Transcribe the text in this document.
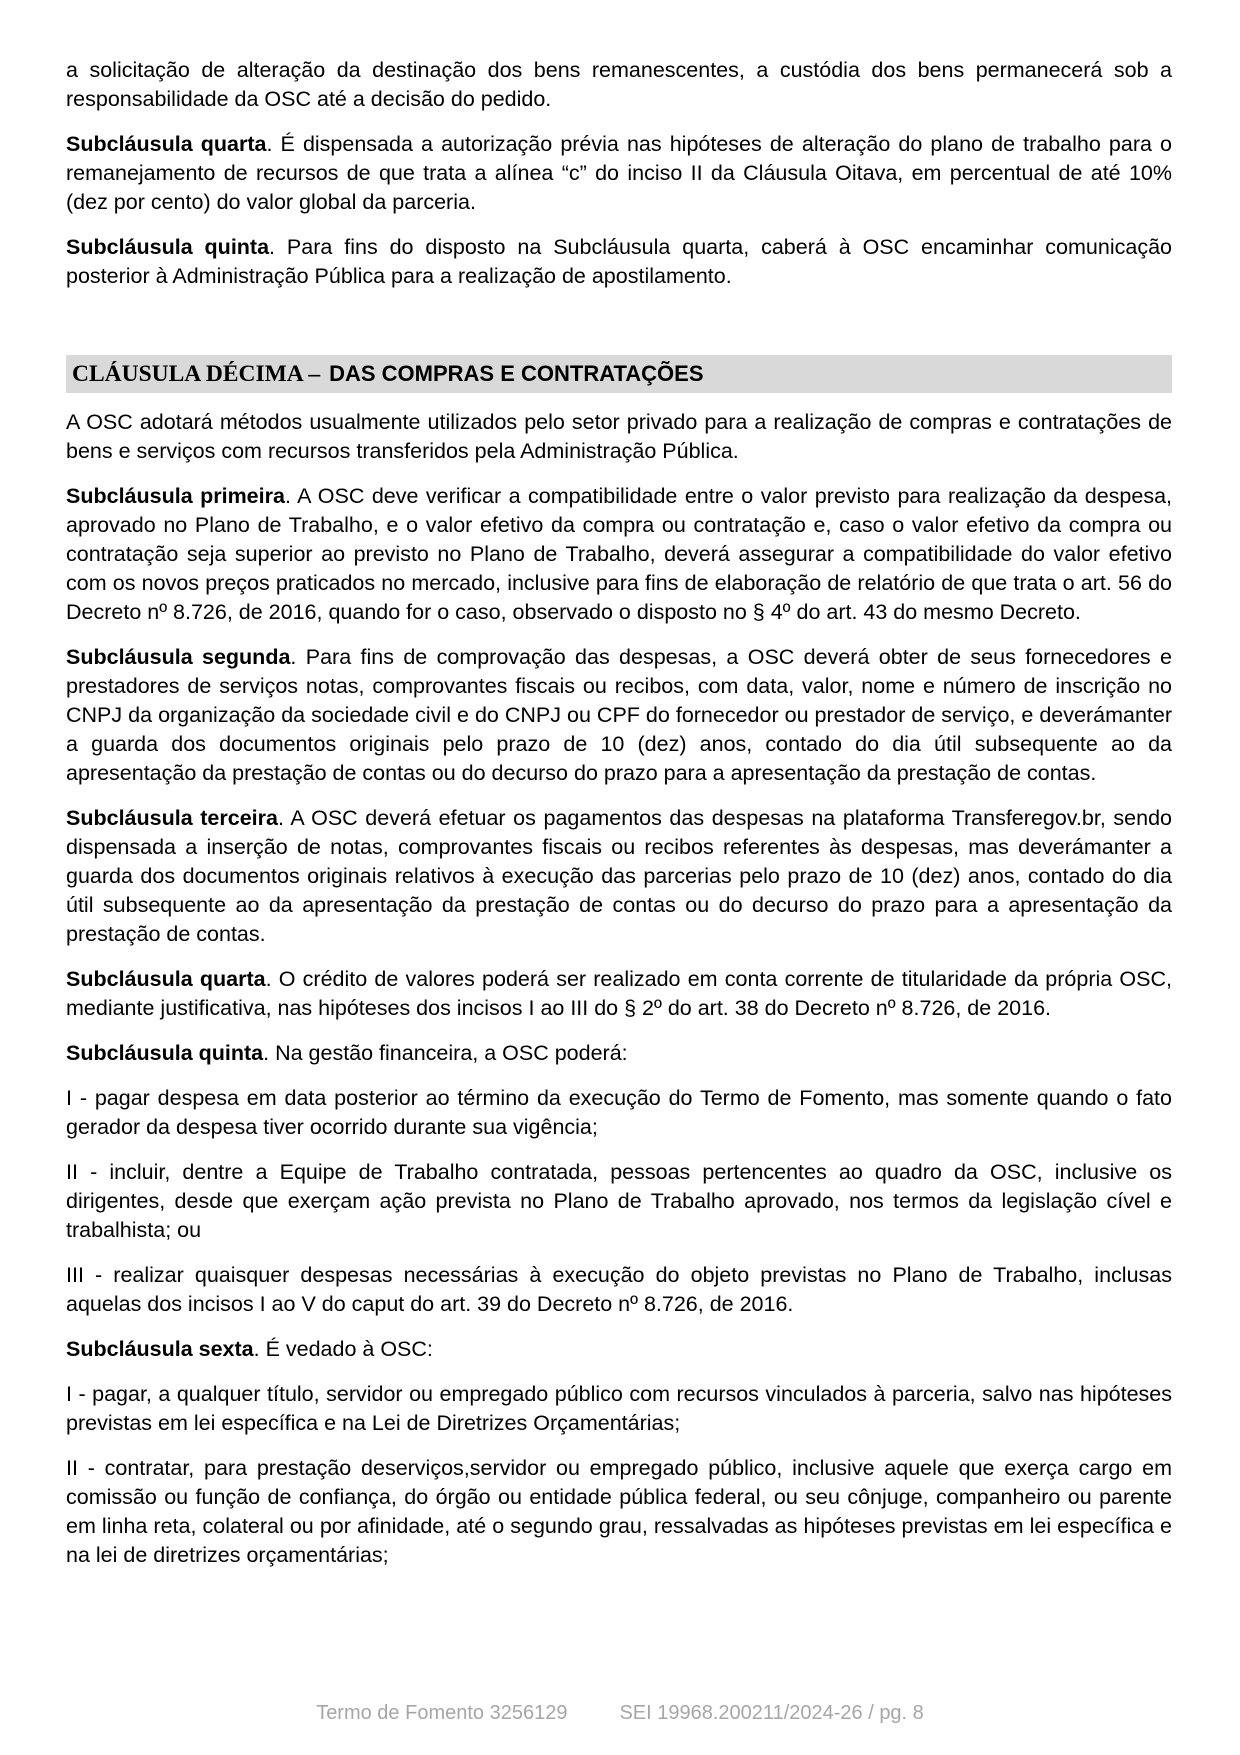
a solicitação de alteração da destinação dos bens remanescentes, a custódia dos bens permanecerá sob a responsabilidade da OSC até a decisão do pedido.

Subcláusula quarta. É dispensada a autorização prévia nas hipóteses de alteração do plano de trabalho para o remanejamento de recursos de que trata a alínea “c” do inciso II da Cláusula Oitava, em percentual de até 10% (dez por cento) do valor global da parceria.

Subcláusula quinta. Para fins do disposto na Subcláusula quarta, caberá à OSC encaminhar comunicação posterior à Administração Pública para a realização de apostilamento.

CLÁUSULA DÉCIMA – DAS COMPRAS E CONTRATAÇÕES

A OSC adotará métodos usualmente utilizados pelo setor privado para a realização de compras e contratações de bens e serviços com recursos transferidos pela Administração Pública.

Subcláusula primeira. A OSC deve verificar a compatibilidade entre o valor previsto para realização da despesa, aprovado no Plano de Trabalho, e o valor efetivo da compra ou contratação e, caso o valor efetivo da compra ou contratação seja superior ao previsto no Plano de Trabalho, deverá assegurar a compatibilidade do valor efetivo com os novos preços praticados no mercado, inclusive para fins de elaboração de relatório de que trata o art. 56 do Decreto nº 8.726, de 2016, quando for o caso, observado o disposto no § 4º do art. 43 do mesmo Decreto.

Subcláusula segunda. Para fins de comprovação das despesas, a OSC deverá obter de seus fornecedores e prestadores de serviços notas, comprovantes fiscais ou recibos, com data, valor, nome e número de inscrição no CNPJ da organização da sociedade civil e do CNPJ ou CPF do fornecedor ou prestador de serviço, e deverámanter a guarda dos documentos originais pelo prazo de 10 (dez) anos, contado do dia útil subsequente ao da apresentação da prestação de contas ou do decurso do prazo para a apresentação da prestação de contas.

Subcláusula terceira. A OSC deverá efetuar os pagamentos das despesas na plataforma Transferegov.br, sendo dispensada a inserção de notas, comprovantes fiscais ou recibos referentes às despesas, mas deverámanter a guarda dos documentos originais relativos à execução das parcerias pelo prazo de 10 (dez) anos, contado do dia útil subsequente ao da apresentação da prestação de contas ou do decurso do prazo para a apresentação da prestação de contas.

Subcláusula quarta. O crédito de valores poderá ser realizado em conta corrente de titularidade da própria OSC, mediante justificativa, nas hipóteses dos incisos I ao III do § 2º do art. 38 do Decreto nº 8.726, de 2016.

Subcláusula quinta. Na gestão financeira, a OSC poderá:

I - pagar despesa em data posterior ao término da execução do Termo de Fomento, mas somente quando o fato gerador da despesa tiver ocorrido durante sua vigência;

II - incluir, dentre a Equipe de Trabalho contratada, pessoas pertencentes ao quadro da OSC, inclusive os dirigentes, desde que exerçam ação prevista no Plano de Trabalho aprovado, nos termos da legislação cível e trabalhista; ou

III - realizar quaisquer despesas necessárias à execução do objeto previstas no Plano de Trabalho, inclusas aquelas dos incisos I ao V do caput do art. 39 do Decreto nº 8.726, de 2016.

Subcláusula sexta. É vedado à OSC:

I - pagar, a qualquer título, servidor ou empregado público com recursos vinculados à parceria, salvo nas hipóteses previstas em lei específica e na Lei de Diretrizes Orçamentárias;

II - contratar, para prestação deserviços,servidor ou empregado público, inclusive aquele que exerça cargo em comissão ou função de confiança, do órgão ou entidade pública federal, ou seu cônjuge, companheiro ou parente em linha reta, colateral ou por afinidade, até o segundo grau, ressalvadas as hipóteses previstas em lei específica e na lei de diretrizes orçamentárias;

Termo de Fomento 3256129	SEI 19968.200211/2024-26 / pg. 8
